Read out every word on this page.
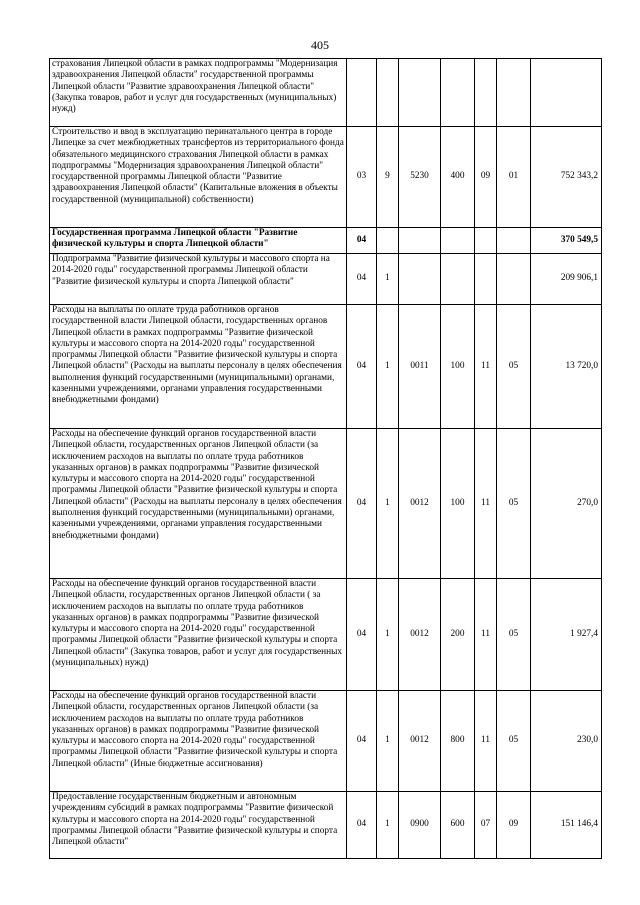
405
страхования Липецкой области в рамках подпрограммы "Модернизация здравоохранения Липецкой области" государственной программы Липецкой области "Развитие здравоохранения Липецкой области" (Закупка товаров, работ и услуг для государственных (муниципальных) нужд)							
Строительство и ввод в эксплуатацию перинатального центра в городе Липецке за счет межбюджетных трансфертов из территориального фонда обязательного медицинского страхования Липецкой области в рамках подпрограммы "Модернизация здравоохранения Липецкой области" государственной программы Липецкой области "Развитие здравоохранения Липецкой области" (Капитальные вложения в объекты государственной (муниципальной) собственности)	03	9	5230	400	09	01	752 343,2
Государственная программа Липецкой области "Развитие физической культуры и спорта Липецкой области"	04						370 549,5
Подпрограмма "Развитие физической культуры и массового спорта на 2014-2020 годы" государственной программы Липецкой области "Развитие физической культуры и спорта Липецкой области"	04	1					209 906,1
Расходы на выплаты по оплате труда работников органов государственной власти Липецкой области, государственных органов Липецкой области в рамках подпрограммы "Развитие физической культуры и массового спорта на 2014-2020 годы" государственной программы Липецкой области "Развитие физической культуры и спорта Липецкой области" (Расходы на выплаты персоналу в целях обеспечения выполнения функций государственными (муниципальными) органами, казенными учреждениями, органами управления государственными внебюджетными фондами)	04	1	0011	100	11	05	13 720,0
Расходы на обеспечение функций органов государственной власти Липецкой области, государственных органов Липецкой области (за исключением расходов на выплаты по оплате труда работников указанных органов) в рамках подпрограммы "Развитие физической культуры и массового спорта на 2014-2020 годы" государственной программы Липецкой области "Развитие физической культуры и спорта Липецкой области" (Расходы на выплаты персоналу в целях обеспечения выполнения функций государственными (муниципальными) органами, казенными учреждениями, органами управления государственными внебюджетными фондами)	04	1	0012	100	11	05	270,0
Расходы на обеспечение функций органов государственной власти Липецкой области, государственных органов Липецкой области ( за исключением расходов на выплаты по оплате труда работников указанных органов) в рамках подпрограммы "Развитие физической культуры и массового спорта на 2014-2020 годы" государственной программы Липецкой области "Развитие физической культуры и спорта Липецкой области" (Закупка товаров, работ и услуг для государственных (муниципальных) нужд)	04	1	0012	200	11	05	1 927,4
Расходы на обеспечение функций органов государственной власти Липецкой области, государственных органов Липецкой области (за исключением расходов на выплаты по оплате труда работников указанных органов) в рамках подпрограммы "Развитие физической культуры и массового спорта на 2014-2020 годы" государственной программы Липецкой области "Развитие физической культуры и спорта Липецкой области" (Иные бюджетные ассигнования)	04	1	0012	800	11	05	230,0
Предоставление государственным бюджетным и автономным учреждениям субсидий в рамках подпрограммы "Развитие физической культуры и массового спорта на 2014-2020 годы" государственной программы Липецкой области "Развитие физической культуры и спорта Липецкой области"	04	1	0900	600	07	09	151 146,4
